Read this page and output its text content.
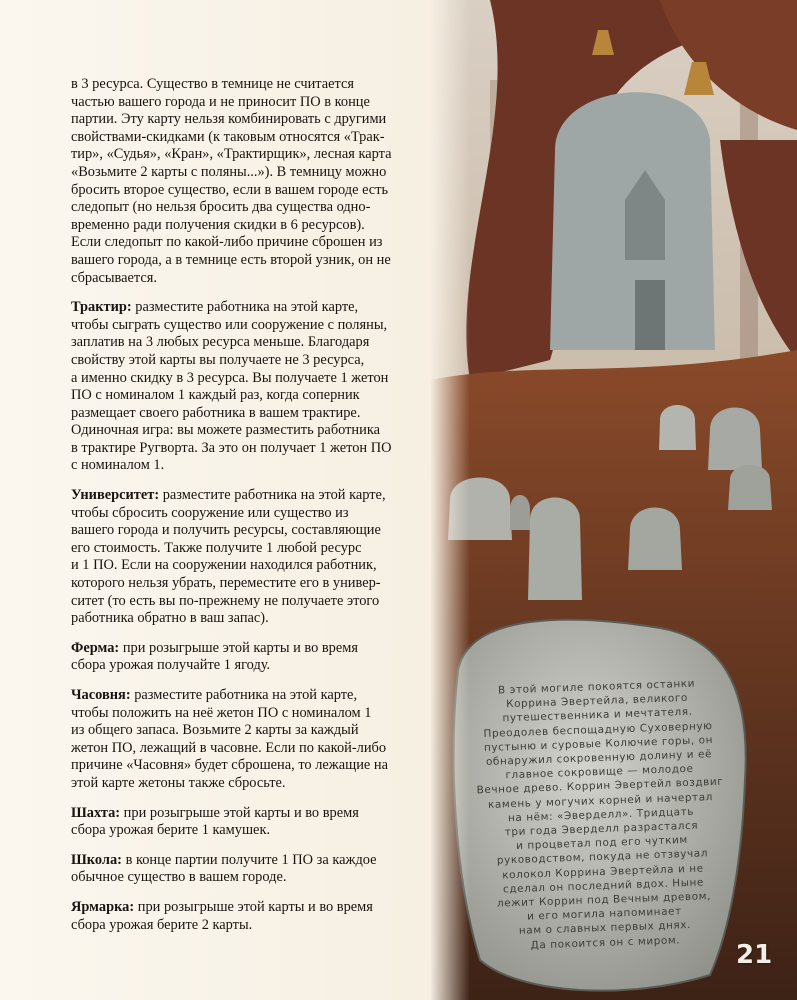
в 3 ресурса. Существо в темнице не считается
частью вашего города и не приносит ПО в конце
партии. Эту карту нельзя комбинировать с другими
свойствами-скидками (к таковым относятся «Трак-
тир», «Судья», «Кран», «Трактирщик», лесная карта
«Возьмите 2 карты с поляны...»). В темницу можно
бросить второе существо, если в вашем городе есть
следопыт (но нельзя бросить два существа одно-
временно ради получения скидки в 6 ресурсов).
Если следопыт по какой-либо причине сброшен из
вашего города, а в темнице есть второй узник, он не
сбрасывается.

Трактир: разместите работника на этой карте,
чтобы сыграть существо или сооружение с поляны,
заплатив на 3 любых ресурса меньше. Благодаря
свойству этой карты вы получаете не 3 ресурса,
а именно скидку в 3 ресурса. Вы получаете 1 жетон
ПО с номиналом 1 каждый раз, когда соперник
размещает своего работника в вашем трактире.
Одиночная игра: вы можете разместить работника
в трактире Ругворта. За это он получает 1 жетон ПО
с номиналом 1.

Университет: разместите работника на этой карте,
чтобы сбросить сооружение или существо из
вашего города и получить ресурсы, составляющие
его стоимость. Также получите 1 любой ресурс
и 1 ПО. Если на сооружении находился работник,
которого нельзя убрать, переместите его в универ-
ситет (то есть вы по-прежнему не получаете этого
работника обратно в ваш запас).

Ферма: при розыгрыше этой карты и во время
сбора урожая получайте 1 ягоду.

Часовня: разместите работника на этой карте,
чтобы положить на неё жетон ПО с номиналом 1
из общего запаса. Возьмите 2 карты за каждый
жетон ПО, лежащий в часовне. Если по какой-либо
причине «Часовня» будет сброшена, то лежащие на
этой карте жетоны также сбросьте.

Шахта: при розыгрыше этой карты и во время
сбора урожая берите 1 камушек.

Школа: в конце партии получите 1 ПО за каждое
обычное существо в вашем городе.

Ярмарка: при розыгрыше этой карты и во время
сбора урожая берите 2 карты.

В этой могиле покоятся останки
Коррина Эвертейла, великого
путешественника и мечтателя.
Преодолев беспощадную Суховерную
пустыню и суровые Колючие горы, он
обнаружил сокровенную долину и её
главное сокровище — молодое
Вечное древо. Коррин Эвертейл воздвиг
камень у могучих корней и начертал
на нём: «Эверделл». Тридцать
три года Эверделл разрастался
и процветал под его чутким
руководством, покуда не отзвучал
колокол Коррина Эвертейла и не
сделал он последний вдох. Ныне
лежит Коррин под Вечным древом,
и его могила напоминает
нам о славных первых днях.
Да покоится он с миром.	21
